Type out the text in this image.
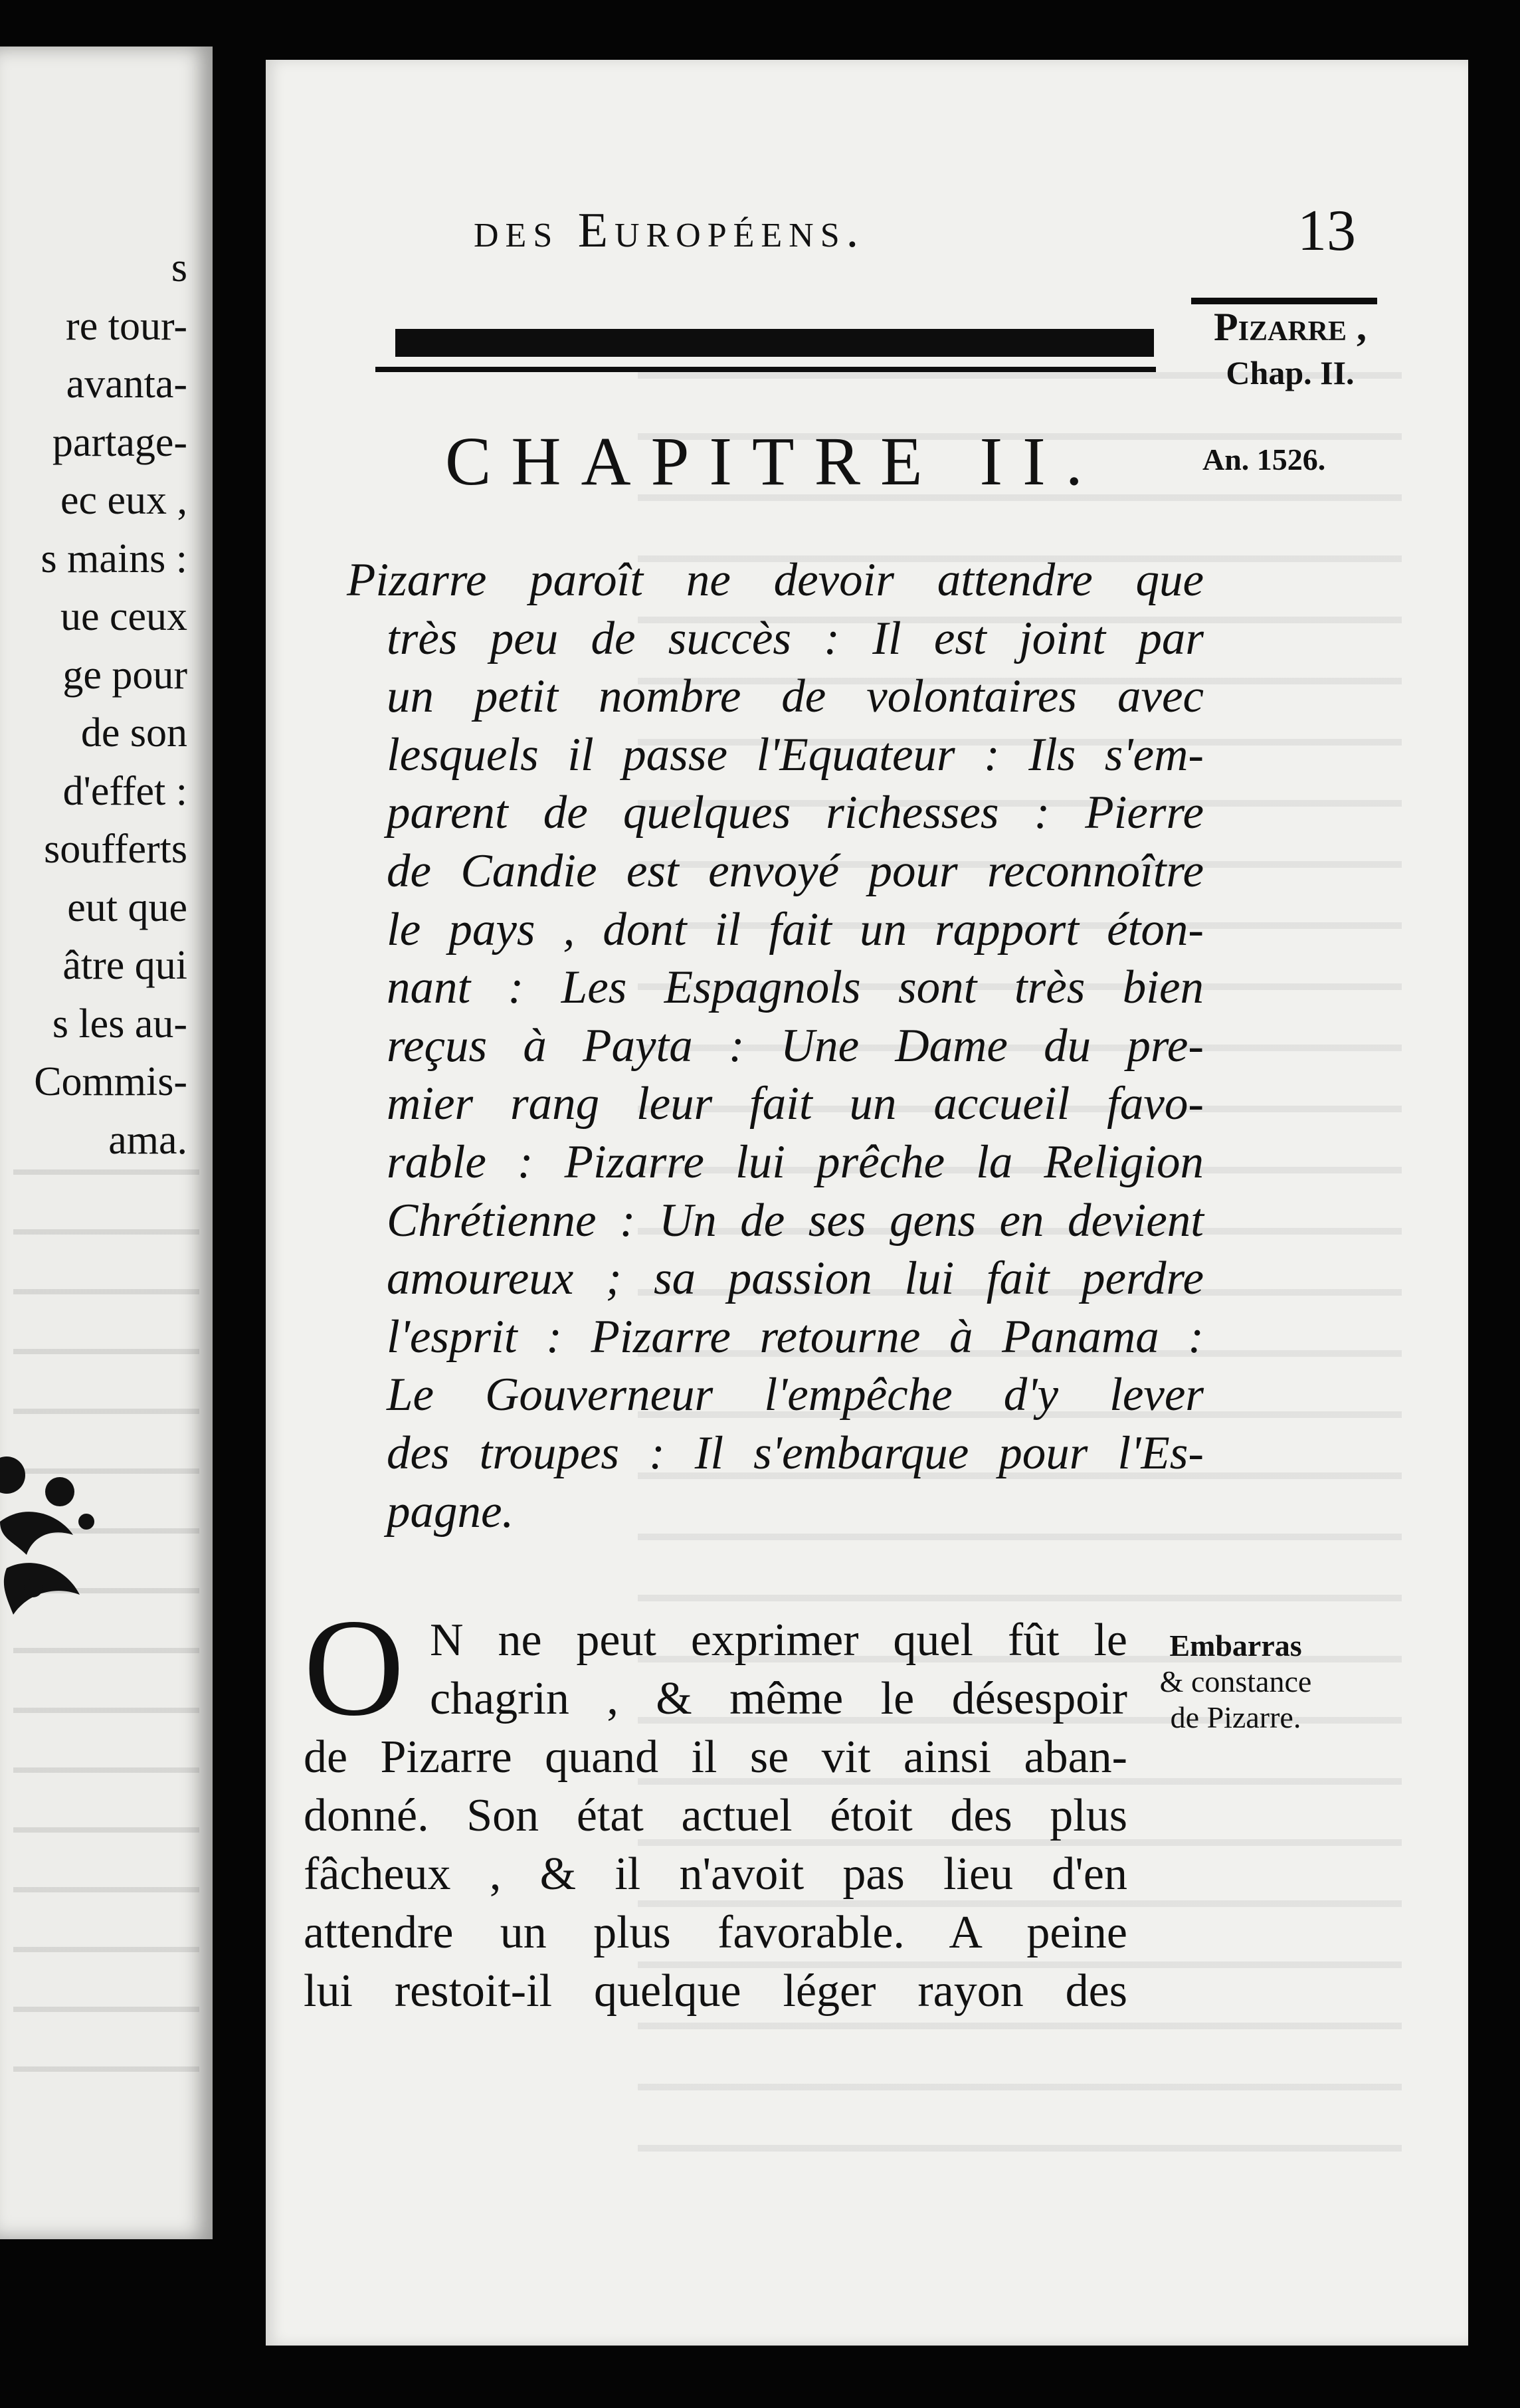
s
re tour-
avanta-
partage-
ec eux ,
s mains :
ue ceux
ge pour
de son
d'effet :
soufferts
eut que
âtre qui
s les au-
Commis-
ama.
des Européens.	13
Pizarre ,
Chap. II.
An. 1526.
CHAPITRE II.
Pizarre paroît ne devoir attendre que
très peu de succès : Il est joint par
un petit nombre de volontaires avec
lesquels il passe l'Equateur : Ils s'em-
parent de quelques richesses : Pierre
de Candie est envoyé pour reconnoître
le pays , dont il fait un rapport éton-
nant : Les Espagnols sont très bien
reçus à Payta : Une Dame du pre-
mier rang leur fait un accueil favo-
rable : Pizarre lui prêche la Religion
Chrétienne : Un de ses gens en devient
amoureux ; sa passion lui fait perdre
l'esprit : Pizarre retourne à Panama :
Le Gouverneur l'empêche d'y lever
des troupes : Il s'embarque pour l'Es-
pagne.
O N ne peut exprimer quel fût le
chagrin , & même le désespoir
de Pizarre quand il se vit ainsi aban-
donné. Son état actuel étoit des plus
fâcheux , & il n'avoit pas lieu d'en
attendre un plus favorable. A peine
lui restoit-il quelque léger rayon des
Embarras
& constance
de Pizarre.
